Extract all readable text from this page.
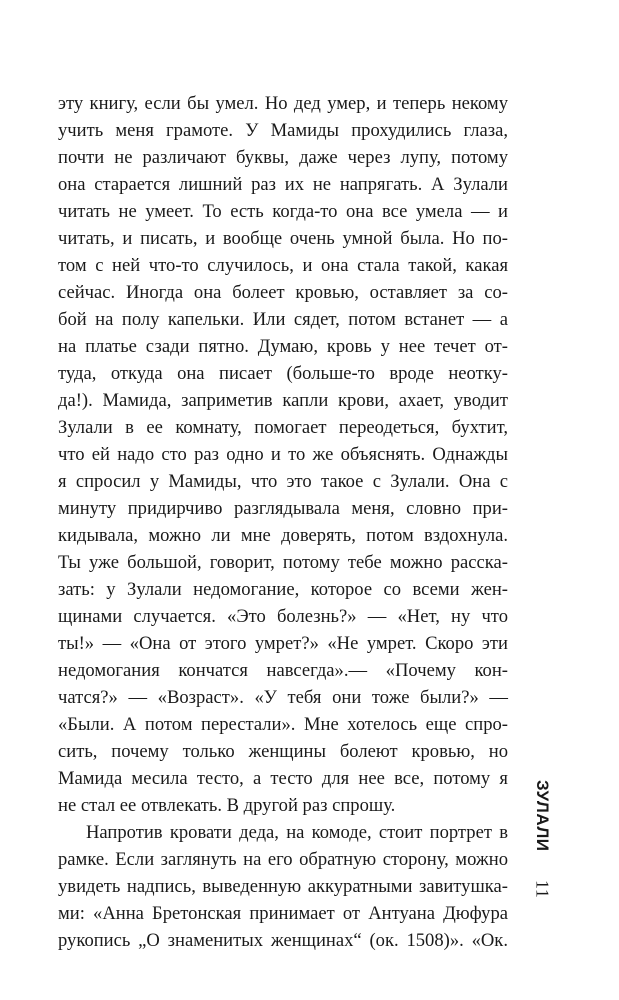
эту книгу, если бы умел. Но дед умер, и теперь некому
учить меня грамоте. У Мамиды прохудились глаза,
почти не различают буквы, даже через лупу, потому
она старается лишний раз их не напрягать. А Зулали
читать не умеет. То есть когда-то она все умела — и
читать, и писать, и вообще очень умной была. Но по-
том с ней что-то случилось, и она стала такой, какая
сейчас. Иногда она болеет кровью, оставляет за со-
бой на полу капельки. Или сядет, потом встанет — а
на платье сзади пятно. Думаю, кровь у нее течет от-
туда, откуда она писает (больше-то вроде неотку-
да!). Мамида, заприметив капли крови, ахает, уводит
Зулали в ее комнату, помогает переодеться, бухтит,
что ей надо сто раз одно и то же объяснять. Однажды
я спросил у Мамиды, что это такое с Зулали. Она с
минуту придирчиво разглядывала меня, словно при-
кидывала, можно ли мне доверять, потом вздохнула.
Ты уже большой, говорит, потому тебе можно расска-
зать: у Зулали недомогание, которое со всеми жен-
щинами случается. «Это болезнь?» — «Нет, ну что
ты!» — «Она от этого умрет?» «Не умрет. Скоро эти
недомогания кончатся навсегда».— «Почему кон-
чатся?» — «Возраст». «У тебя они тоже были?» —
«Были. А потом перестали». Мне хотелось еще спро-
сить, почему только женщины болеют кровью, но
Мамида месила тесто, а тесто для нее все, потому я
не стал ее отвлекать. В другой раз спрошу.
Напротив кровати деда, на комоде, стоит портрет в
рамке. Если заглянуть на его обратную сторону, можно
увидеть надпись, выведенную аккуратными завитушка-
ми: «Анна Бретонская принимает от Антуана Дюфура
рукопись „О знаменитых женщинах“ (ок. 1508)». «Ок.
ЗУЛАЛИ
11
